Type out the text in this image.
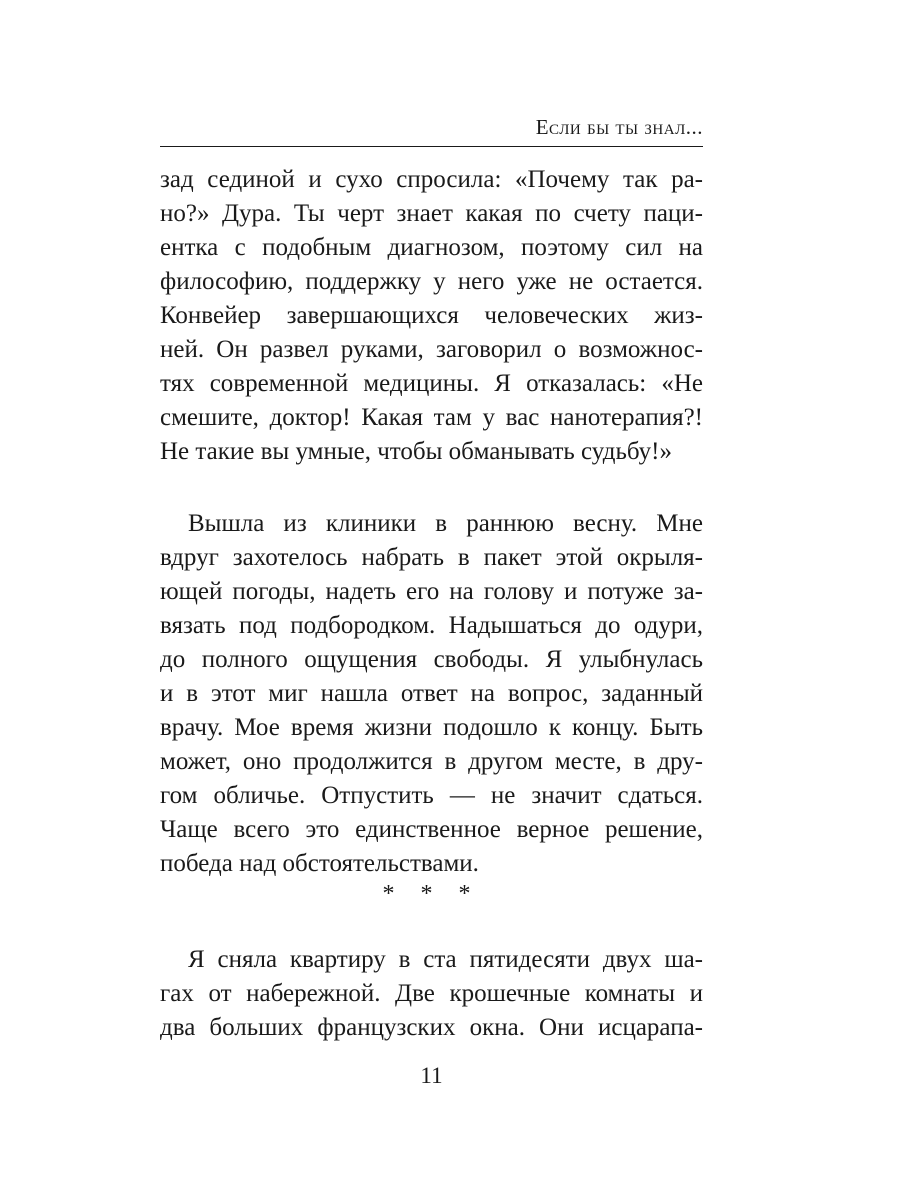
Если бы ты знал...
зад сединой и сухо спросила: «Почему так ра-
но?» Дура. Ты черт знает какая по счету паци-
ентка с подобным диагнозом, поэтому сил на
философию, поддержку у него уже не остается.
Конвейер завершающихся человеческих жиз-
ней. Он развел руками, заговорил о возможнос-
тях современной медицины. Я отказалась: «Не
смешите, доктор! Какая там у вас нанотерапия?!
Не такие вы умные, чтобы обманывать судьбу!»
Вышла из клиники в раннюю весну. Мне
вдруг захотелось набрать в пакет этой окрыля-
ющей погоды, надеть его на голову и потуже за-
вязать под подбородком. Надышаться до одури,
до полного ощущения свободы. Я улыбнулась
и в этот миг нашла ответ на вопрос, заданный
врачу. Мое время жизни подошло к концу. Быть
может, оно продолжится в другом месте, в дру-
гом обличье. Отпустить — не значит сдаться.
Чаще всего это единственное верное решение,
победа над обстоятельствами.
* * *
Я сняла квартиру в ста пятидесяти двух ша-
гах от набережной. Две крошечные комнаты и
два больших французских окна. Они исцарапа-
11
